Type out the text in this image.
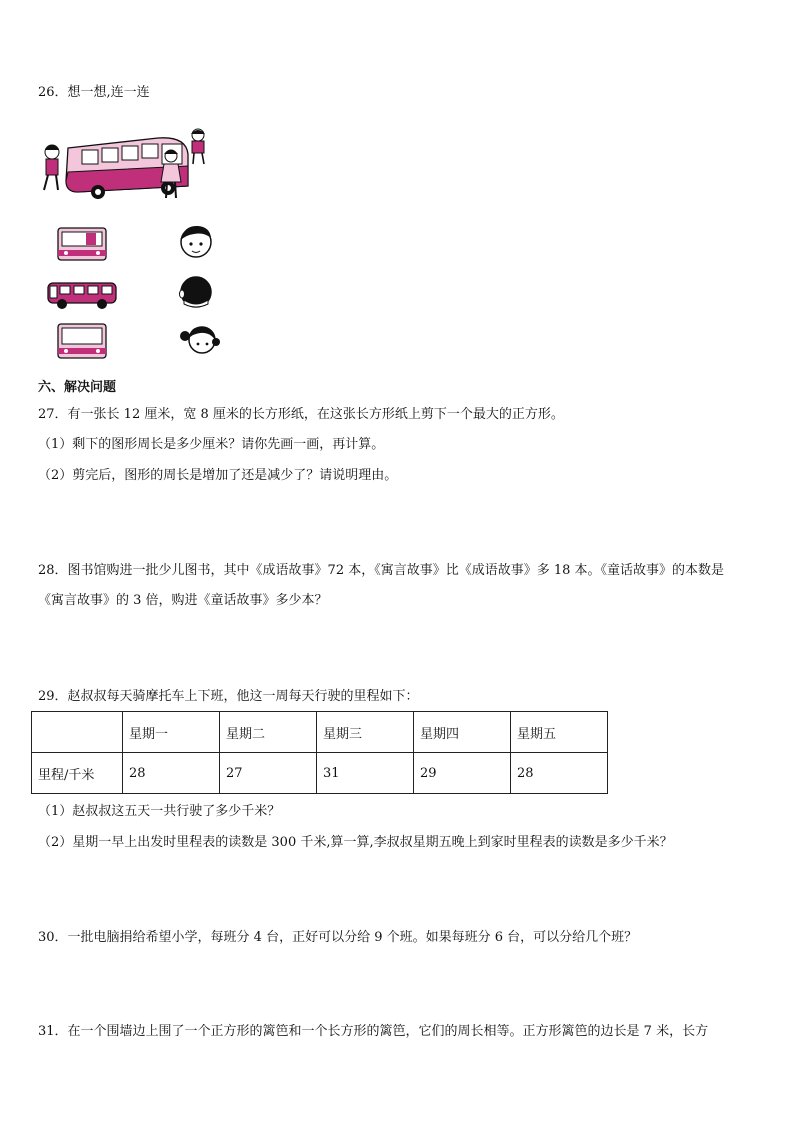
26．想一想,连一连
六、解决问题
27．有一张长 12 厘米，宽 8 厘米的长方形纸，在这张长方形纸上剪下一个最大的正方形。
（1）剩下的图形周长是多少厘米？请你先画一画，再计算。
（2）剪完后，图形的周长是增加了还是减少了？请说明理由。
28．图书馆购进一批少儿图书，其中《成语故事》72 本，《寓言故事》比《成语故事》多 18 本。《童话故事》的本数是
《寓言故事》的 3 倍，购进《童话故事》多少本？
29．赵叔叔每天骑摩托车上下班，他这一周每天行驶的里程如下：
	星期一	星期二	星期三	星期四	星期五
里程/千米	28	27	31	29	28
（1）赵叔叔这五天一共行驶了多少千米？
（2）星期一早上出发时里程表的读数是 300 千米,算一算,李叔叔星期五晚上到家时里程表的读数是多少千米？
30．一批电脑捐给希望小学，每班分 4 台，正好可以分给 9 个班。如果每班分 6 台，可以分给几个班？
31．在一个围墙边上围了一个正方形的篱笆和一个长方形的篱笆，它们的周长相等。正方形篱笆的边长是 7 米，长方
